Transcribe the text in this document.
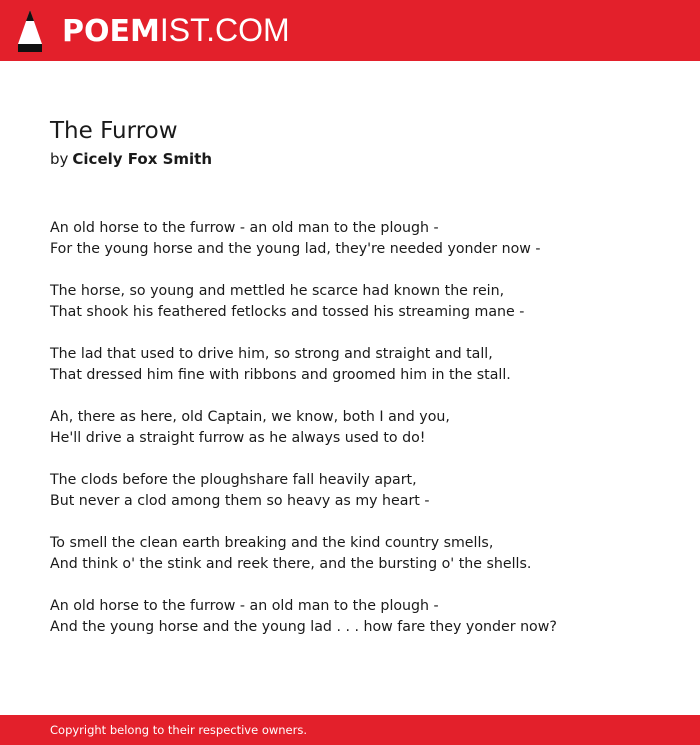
POEMIST.COM
The Furrow
by Cicely Fox Smith

An old horse to the furrow - an old man to the plough -
For the young horse and the young lad, they're needed yonder now -

The horse, so young and mettled he scarce had known the rein,
That shook his feathered fetlocks and tossed his streaming mane -

The lad that used to drive him, so strong and straight and tall,
That dressed him fine with ribbons and groomed him in the stall.

Ah, there as here, old Captain, we know, both I and you,
He'll drive a straight furrow as he always used to do!

The clods before the ploughshare fall heavily apart,
But never a clod among them so heavy as my heart -

To smell the clean earth breaking and the kind country smells,
And think o' the stink and reek there, and the bursting o' the shells.

An old horse to the furrow - an old man to the plough -
And the young horse and the young lad . . . how fare they yonder now?

Copyright belong to their respective owners.
